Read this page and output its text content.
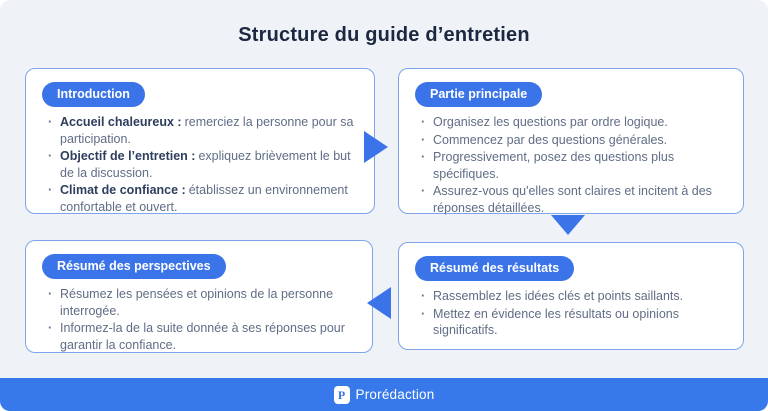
Structure du guide d’entretien
Introduction
· Accueil chaleureux : remerciez la personne pour sa participation.
· Objectif de l’entretien : expliquez brièvement le but de la discussion.
· Climat de confiance : établissez un environnement confortable et ouvert.
Partie principale
· Organisez les questions par ordre logique.
· Commencez par des questions générales.
· Progressivement, posez des questions plus spécifiques.
· Assurez-vous qu'elles sont claires et incitent à des réponses détaillées.
Résumé des perspectives
· Résumez les pensées et opinions de la personne interrogée.
· Informez-la de la suite donnée à ses réponses pour garantir la confiance.
Résumé des résultats
· Rassemblez les idées clés et points saillants.
· Mettez en évidence les résultats ou opinions significatifs.
P Prorédaction
